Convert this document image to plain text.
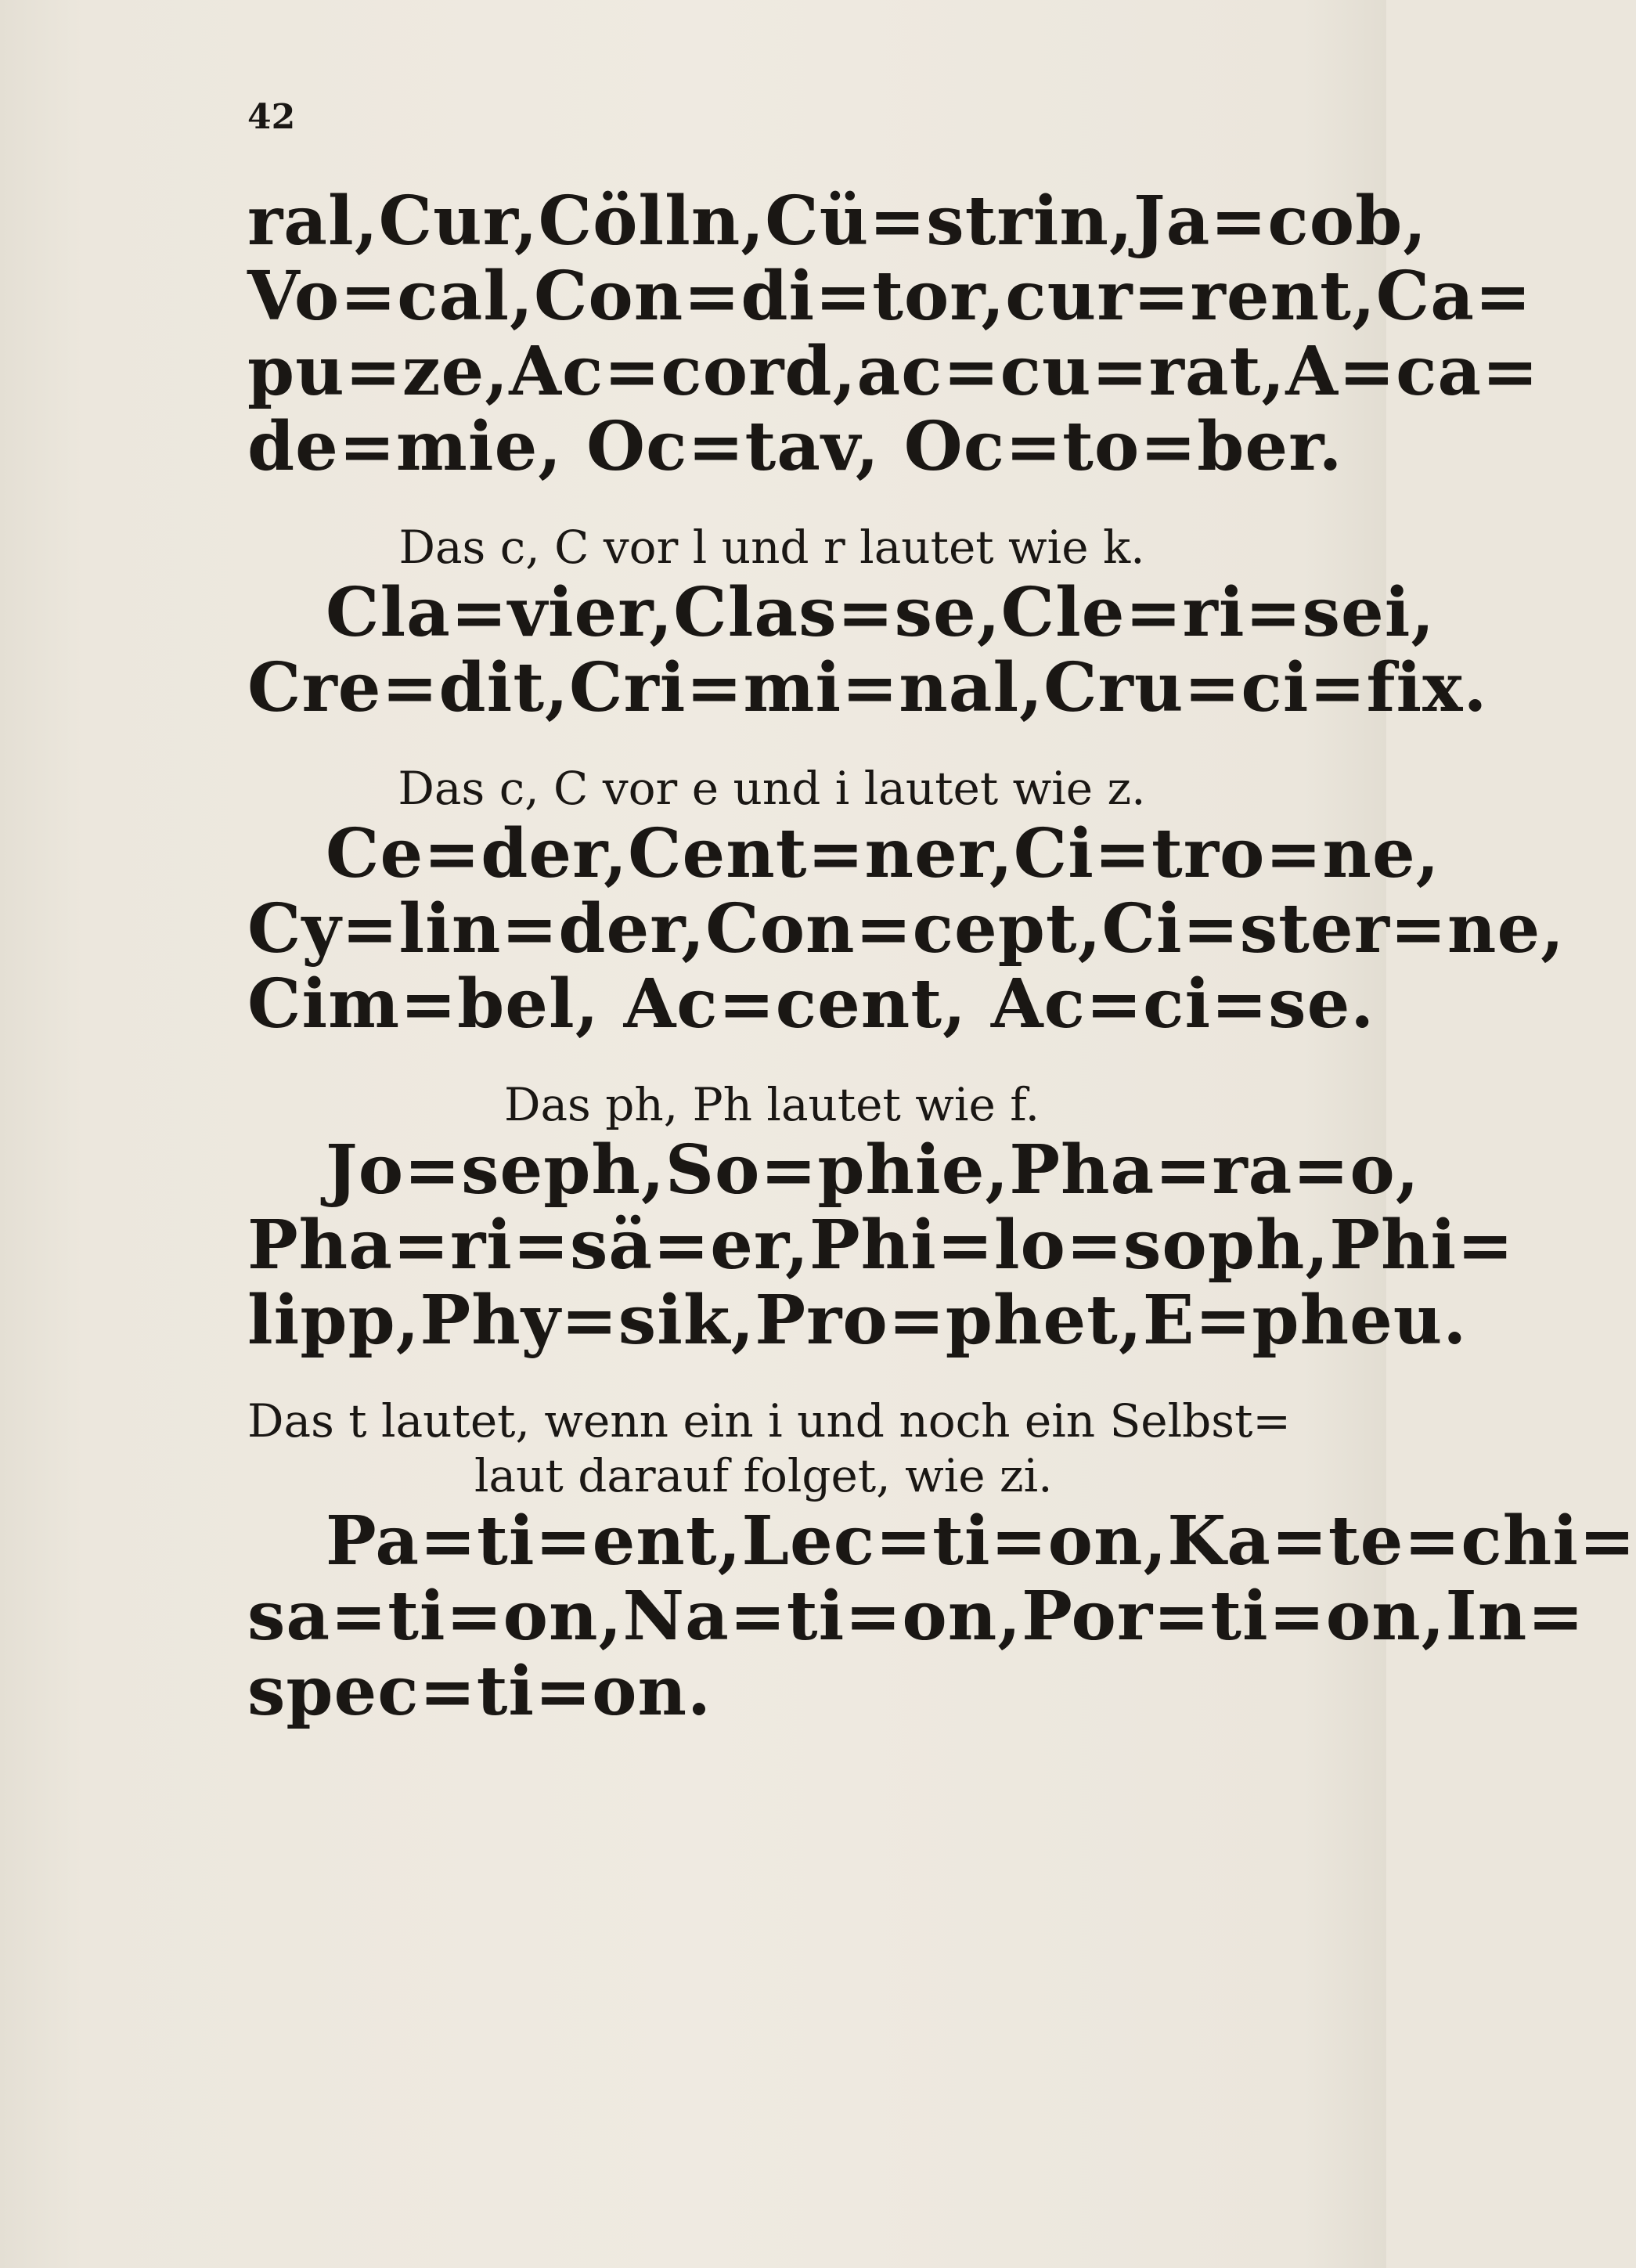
42
ral, Cur, Cölln, Cü=strin, Ja=cob,
Vo=cal, Con=di=tor, cur=rent, Ca=
pu=ze, Ac=cord, ac=cu=rat, A=ca=
de=mie, Oc=tav, Oc=to=ber.
Das c, C vor l und r lautet wie k.
Cla=vier, Clas=se, Cle=ri=sei,
Cre=dit, Cri=mi=nal, Cru=ci=fix.
Das c, C vor e und i lautet wie z.
Ce=der, Cent=ner, Ci=tro=ne,
Cy=lin=der, Con=cept, Ci=ster=ne,
Cim=bel, Ac=cent, Ac=ci=se.
Das ph, Ph lautet wie f.
Jo=seph, So=phie, Pha=ra=o,
Pha=ri=sä=er, Phi=lo=soph, Phi=
lipp, Phy=sik, Pro=phet, E=pheu.
Das t lautet, wenn ein i und noch ein Selbst=
laut darauf folget, wie zi.
Pa=ti=ent, Lec=ti=on, Ka=te=chi=
sa=ti=on, Na=ti=on, Por=ti=on, In=
spec=ti=on.
